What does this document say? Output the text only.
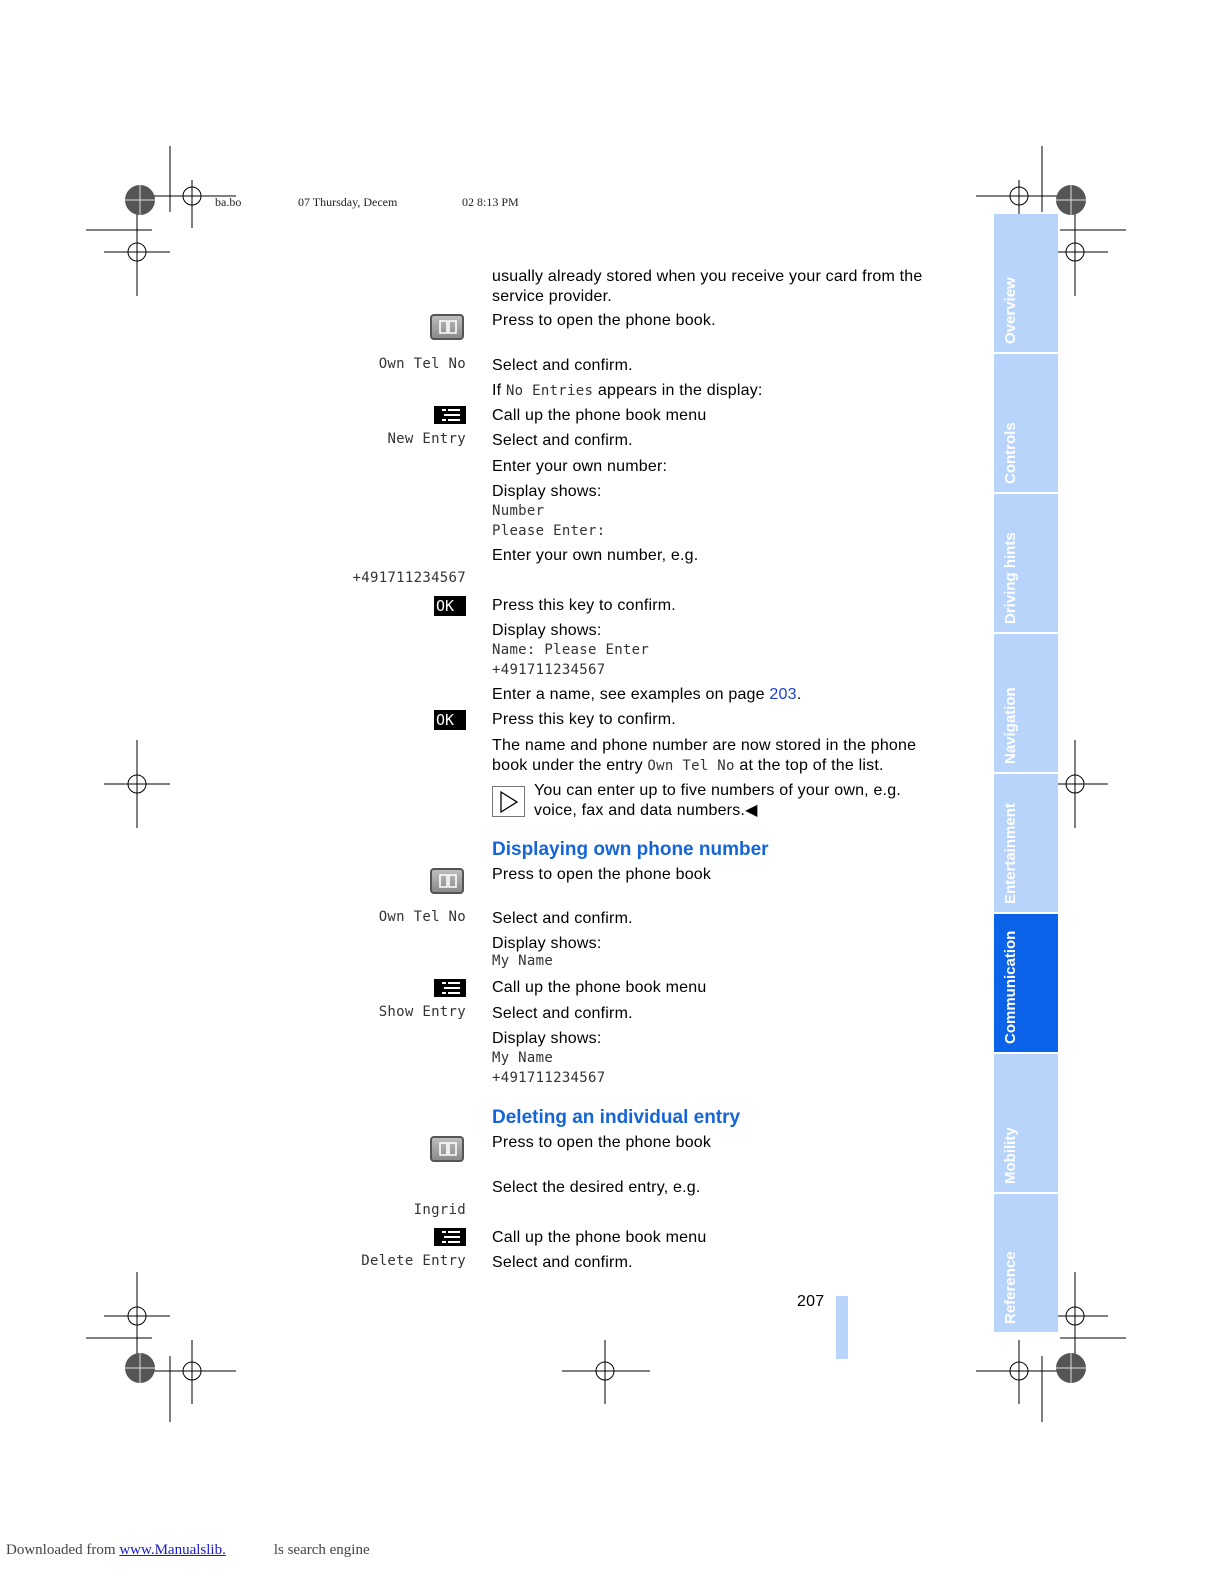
ba.bo	07 Thursday, Decem	02 8:13 PM
usually already stored when you receive your card from the
service provider.
Press to open the phone book.
Own Tel No Select and confirm.
If No Entries appears in the display:
Call up the phone book menu
New Entry Select and confirm.
Enter your own number:
Display shows:
Number
Please Enter:
Enter your own number, e.g.
+491711234567
OK	Press this key to confirm.
Display shows:
Name: Please Enter
+491711234567
Enter a name, see examples on page 203.
OK	Press this key to confirm.
The name and phone number are now stored in the phone
book under the entry Own Tel No at the top of the list.
You can enter up to five numbers of your own, e.g.
voice, fax and data numbers.◀
Displaying own phone number
Press to open the phone book
Own Tel No Select and confirm.
Display shows:
My Name
Call up the phone book menu
Show Entry Select and confirm.
Display shows:
My Name
+491711234567
Deleting an individual entry
Press to open the phone book
Select the desired entry, e.g.
Ingrid
Call up the phone book menu
Delete Entry Select and confirm.
207
Overview
Controls
Driving hints
Navigation
Entertainment
Communication
Mobility
Reference
Downloaded from www.Manualslib.	ls search engine
